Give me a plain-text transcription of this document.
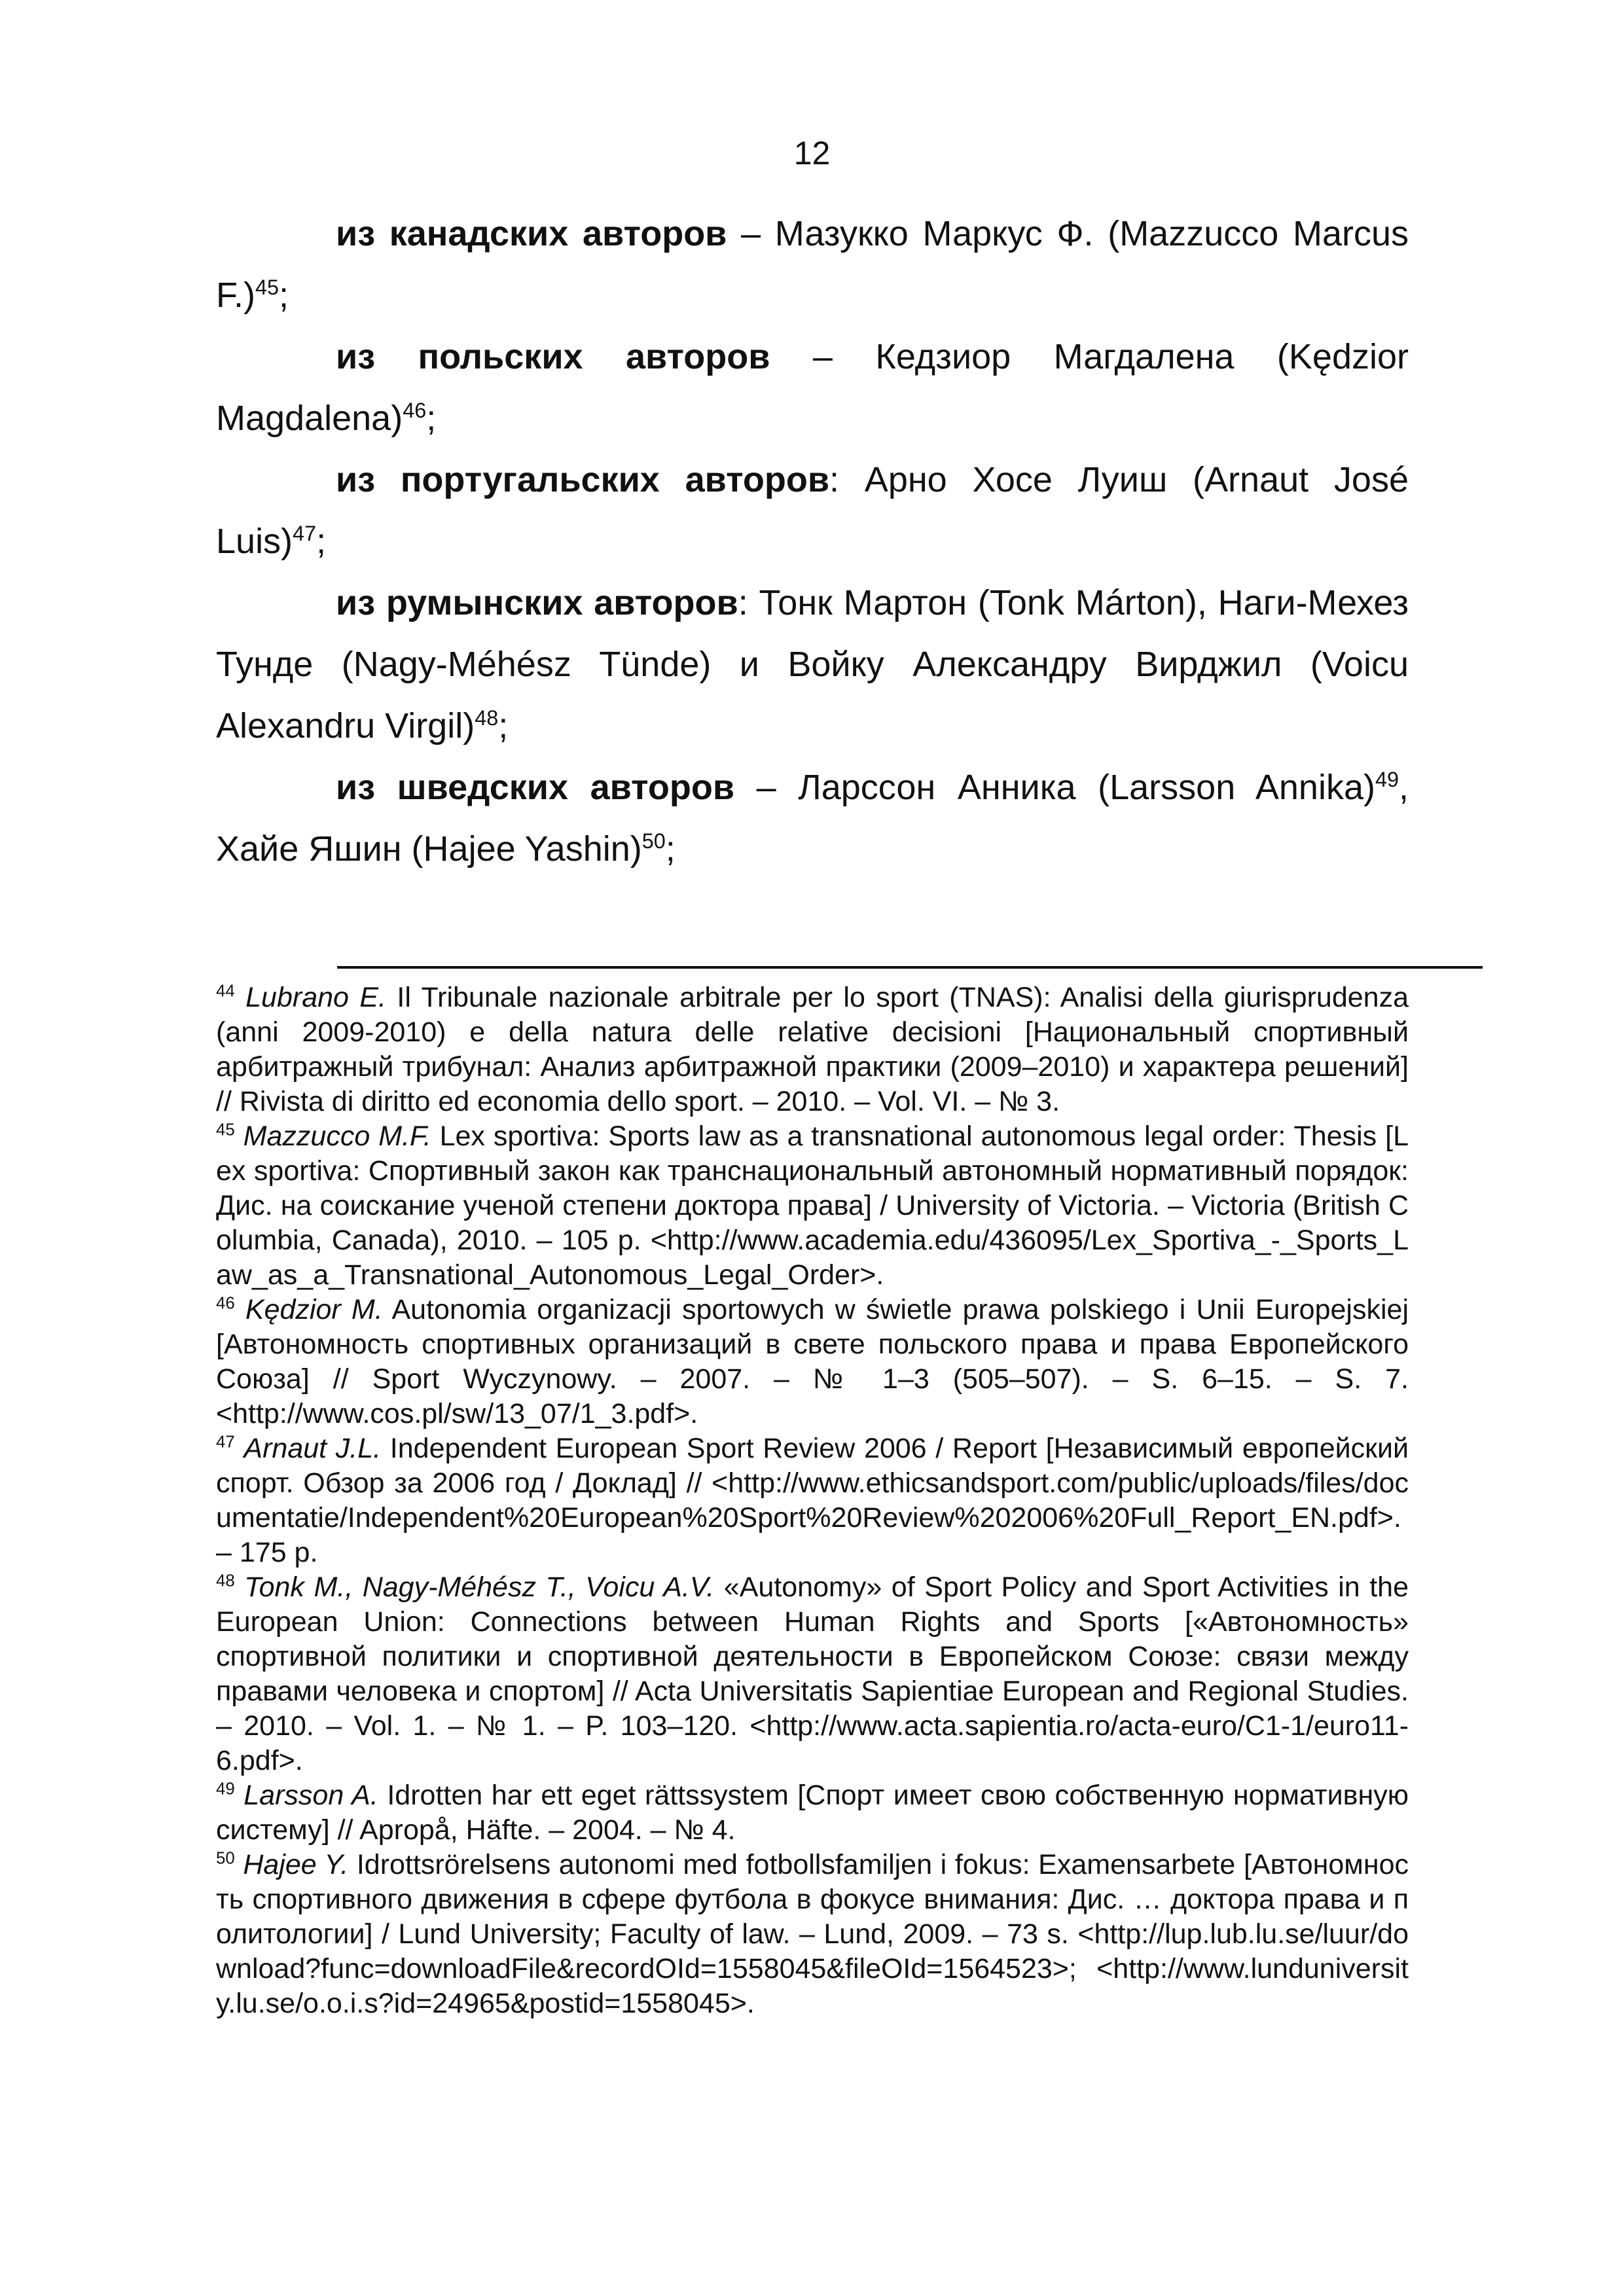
12

из канадских авторов – Мазукко Маркус Ф. (Mazzucco Marcus F.)$^{45}$;

из польских авторов – Кедзиор Магдалена (Kędzior Magdalena)$^{46}$;

из португальских авторов: Арно Хосе Луиш (Arnaut José Luis)$^{47}$;

из румынских авторов: Тонк Мартон (Tonk Márton), Наги-Мехез Тунде (Nagy-Méhész Tünde) и Войку Александру Вирджил (Voicu Alexandru Virgil)$^{48}$;

из шведских авторов – Ларссон Анника (Larsson Annika)$^{49}$, Хайе Яшин (Hajee Yashin)$^{50}$;

$^{44}$ Lubrano E. Il Tribunale nazionale arbitrale per lo sport (TNAS): Analisi della giurisprudenza (anni 2009-2010) e della natura delle relative decisioni [Национальный спортивный арбитражный трибунал: Анализ арбитражной практики (2009–2010) и характера решений] // Rivista di diritto ed economia dello sport. – 2010. – Vol. VI. – № 3.

$^{45}$ Mazzucco M.F. Lex sportiva: Sports law as a transnational autonomous legal order: Thesis [Lex sportiva: Спортивный закон как транснациональный автономный нормативный порядок: Дис. на соискание ученой степени доктора права] / University of Victoria. – Victoria (British Columbia, Canada), 2010. – 105 p. <http://www.academia.edu/436095/Lex_Sportiva_-_Sports_Law_as_a_Transnational_Autonomous_Legal_Order>.

$^{46}$ Kędzior M. Autonomia organizacji sportowych w świetle prawa polskiego i Unii Europejskiej [Автономность спортивных организаций в свете польского права и права Европейского Союза] // Sport Wyczynowy. – 2007. – № 1–3 (505–507). – S. 6–15. – S. 7. <http://www.cos.pl/sw/13_07/1_3.pdf>.

$^{47}$ Arnaut J.L. Independent European Sport Review 2006 / Report [Независимый европейский спорт. Обзор за 2006 год / Доклад] // <http://www.ethicsandsport.com/public/uploads/files/documentatie/Independent%20European%20Sport%20Review%202006%20Full_Report_EN.pdf>. – 175 p.

$^{48}$ Tonk M., Nagy-Méhész T., Voicu A.V. «Autonomy» of Sport Policy and Sport Activities in the European Union: Connections between Human Rights and Sports [«Автономность» спортивной политики и спортивной деятельности в Европейском Союзе: связи между правами человека и спортом] // Acta Universitatis Sapientiae European and Regional Studies. – 2010. – Vol. 1. – № 1. – P. 103–120. <http://www.acta.sapientia.ro/acta-euro/C1-1/euro11-6.pdf>.

$^{49}$ Larsson A. Idrotten har ett eget rättssystem [Спорт имеет свою собственную нормативную систему] // Apropå, Häfte. – 2004. – № 4.

$^{50}$ Hajee Y. Idrottsrörelsens autonomi med fotbollsfamiljen i fokus: Examensarbete [Автономность спортивного движения в сфере футбола в фокусе внимания: Дис. … доктора права и политологии] / Lund University; Faculty of law. – Lund, 2009. – 73 s. <http://lup.lub.lu.se/luur/download?func=downloadFile&recordOId=1558045&fileOId=1564523>; <http://www.lunduniversity.lu.se/o.o.i.s?id=24965&postid=1558045>.
